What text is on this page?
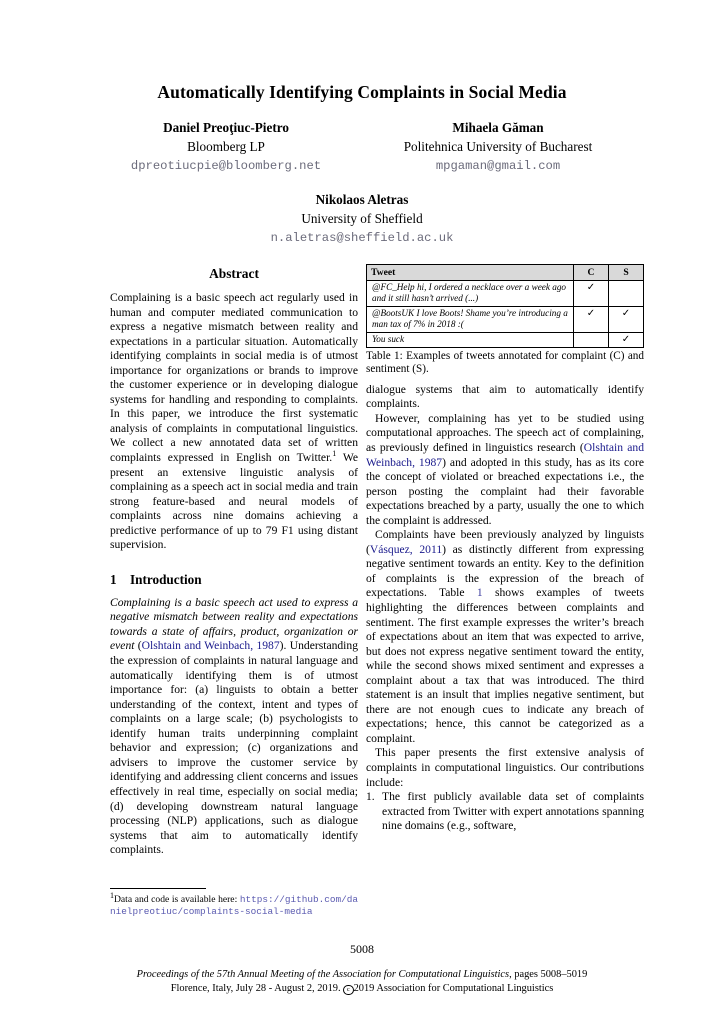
Automatically Identifying Complaints in Social Media
Daniel Preoţiuc-Pietro
Bloomberg LP
dpreotiucpie@bloomberg.net
Mihaela Găman
Politehnica University of Bucharest
mpgaman@gmail.com
Nikolaos Aletras
University of Sheffield
n.aletras@sheffield.ac.uk
Abstract

Complaining is a basic speech act regularly used in human and computer mediated communication to express a negative mismatch between reality and expectations in a particular situation. Automatically identifying complaints in social media is of utmost importance for organizations or brands to improve the customer experience or in developing dialogue systems for handling and responding to complaints. In this paper, we introduce the first systematic analysis of complaints in computational linguistics. We collect a new annotated data set of written complaints expressed in English on Twitter.$^1$ We present an extensive linguistic analysis of complaining as a speech act in social media and train strong feature-based and neural models of complaints across nine domains achieving a predictive performance of up to 79 F1 using distant supervision.

1 Introduction

Complaining is a basic speech act used to express a negative mismatch between reality and expectations towards a state of affairs, product, organization or event (Olshtain and Weinbach, 1987). Understanding the expression of complaints in natural language and automatically identifying them is of utmost importance for: (a) linguists to obtain a better understanding of the context, intent and types of complaints on a large scale; (b) psychologists to identify human traits underpinning complaint behavior and expression; (c) organizations and advisers to improve the customer service by identifying and addressing client concerns and issues effectively in real time, especially on social media; (d) developing downstream natural language processing (NLP) applications, such as dialogue systems that aim to automatically identify complaints.

$^1$Data and code is available here: https://github.com/danielpreotiuc/complaints-social-media

Tweet	C	S
@FC_Help hi, I ordered a necklace over a week ago and it still hasn’t arrived (...)	✓	
@BootsUK I love Boots! Shame you’re introducing a man tax of 7% in 2018 :(	✓	✓
You suck		✓

Table 1: Examples of tweets annotated for complaint (C) and sentiment (S).

dialogue systems that aim to automatically identify complaints.

However, complaining has yet to be studied using computational approaches. The speech act of complaining, as previously defined in linguistics research (Olshtain and Weinbach, 1987) and adopted in this study, has as its core the concept of violated or breached expectations i.e., the person posting the complaint had their favorable expectations breached by a party, usually the one to which the complaint is addressed.

Complaints have been previously analyzed by linguists (Vásquez, 2011) as distinctly different from expressing negative sentiment towards an entity. Key to the definition of complaints is the expression of the breach of expectations. Table 1 shows examples of tweets highlighting the differences between complaints and sentiment. The first example expresses the writer’s breach of expectations about an item that was expected to arrive, but does not express negative sentiment toward the entity, while the second shows mixed sentiment and expresses a complaint about a tax that was introduced. The third statement is an insult that implies negative sentiment, but there are not enough cues to indicate any breach of expectations; hence, this cannot be categorized as a complaint.

This paper presents the first extensive analysis of complaints in computational linguistics. Our contributions include:

1. The first publicly available data set of complaints extracted from Twitter with expert annotations spanning nine domains (e.g., software,
5008
Proceedings of the 57th Annual Meeting of the Association for Computational Linguistics, pages 5008–5019
Florence, Italy, July 28 - August 2, 2019. c 2019 Association for Computational Linguistics
